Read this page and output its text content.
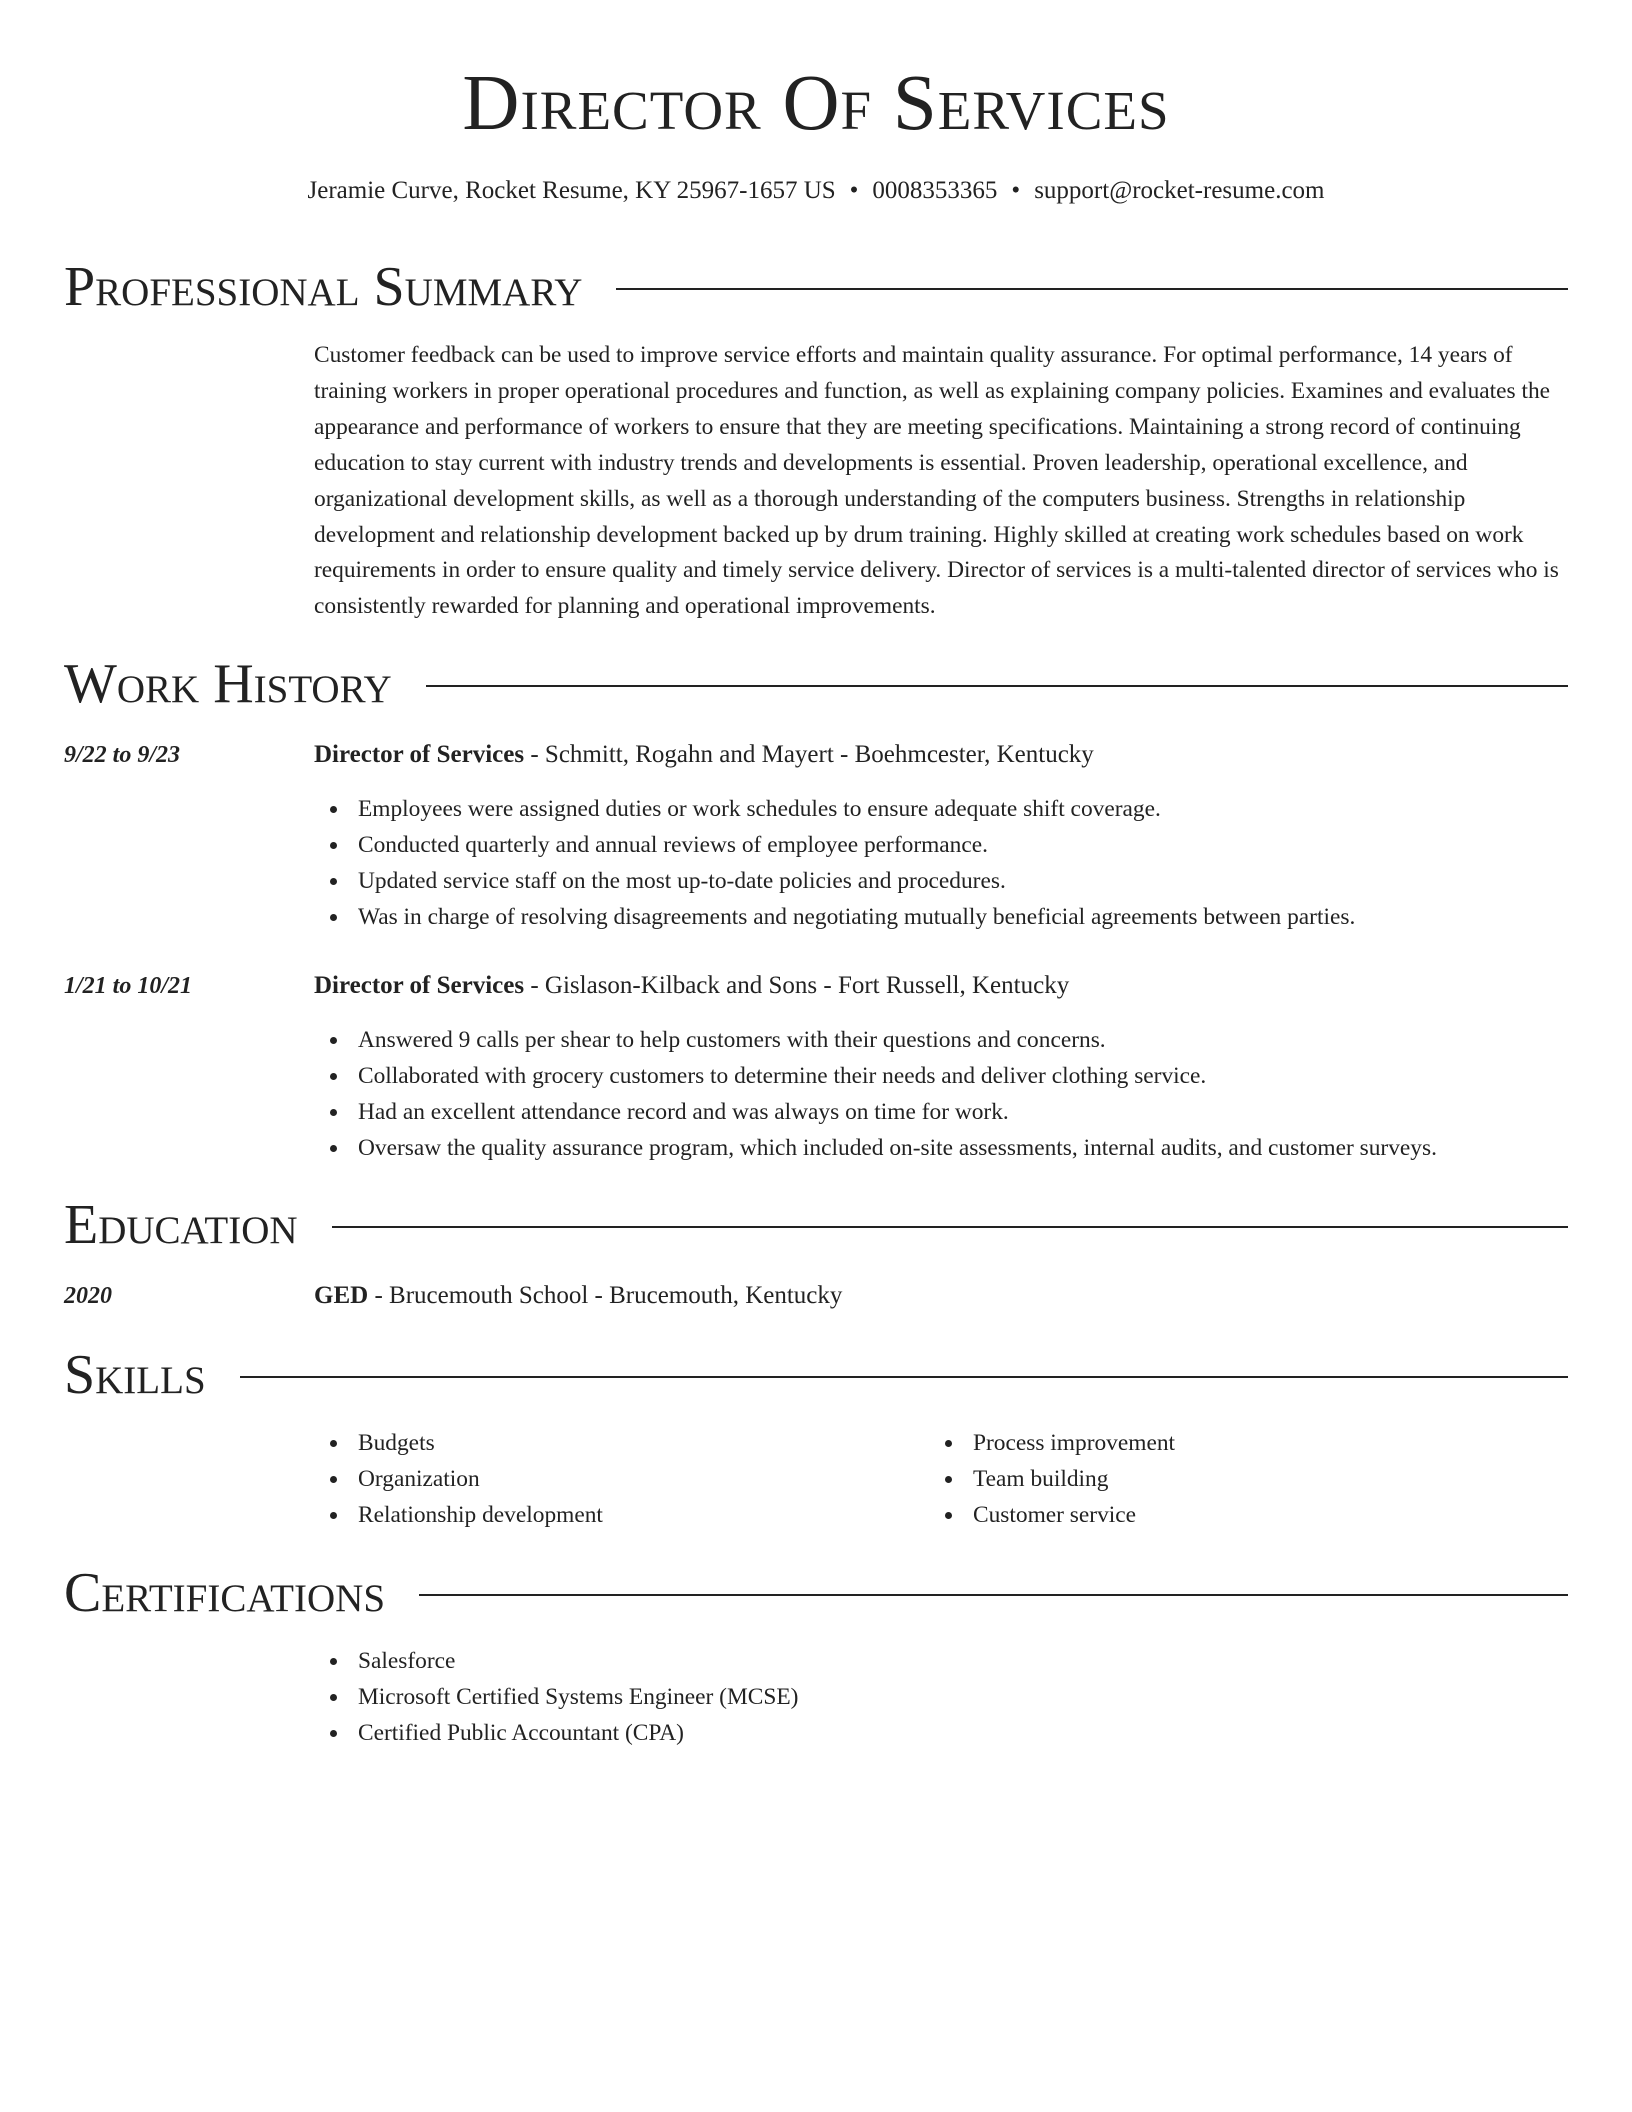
Director Of Services
Jeramie Curve, Rocket Resume, KY 25967-1657 US • 0008353365 • support@rocket-resume.com
Professional Summary

Customer feedback can be used to improve service efforts and maintain quality assurance. For optimal performance, 14 years of training workers in proper operational procedures and function, as well as explaining company policies. Examines and evaluates the appearance and performance of workers to ensure that they are meeting specifications. Maintaining a strong record of continuing education to stay current with industry trends and developments is essential. Proven leadership, operational excellence, and organizational development skills, as well as a thorough understanding of the computers business. Strengths in relationship development and relationship development backed up by drum training. Highly skilled at creating work schedules based on work requirements in order to ensure quality and timely service delivery. Director of services is a multi-talented director of services who is consistently rewarded for planning and operational improvements.

Work History
9/22 to 9/23	Director of Services - Schmitt, Rogahn and Mayert - Boehmcester, Kentucky
Employees were assigned duties or work schedules to ensure adequate shift coverage.
Conducted quarterly and annual reviews of employee performance.
Updated service staff on the most up-to-date policies and procedures.
Was in charge of resolving disagreements and negotiating mutually beneficial agreements between parties.
1/21 to 10/21	Director of Services - Gislason-Kilback and Sons - Fort Russell, Kentucky
Answered 9 calls per shear to help customers with their questions and concerns.
Collaborated with grocery customers to determine their needs and deliver clothing service.
Had an excellent attendance record and was always on time for work.
Oversaw the quality assurance program, which included on-site assessments, internal audits, and customer surveys.
Education
2020	GED - Brucemouth School - Brucemouth, Kentucky
Skills
Budgets
Organization
Relationship development
Process improvement
Team building
Customer service
Certifications
Salesforce
Microsoft Certified Systems Engineer (MCSE)
Certified Public Accountant (CPA)
